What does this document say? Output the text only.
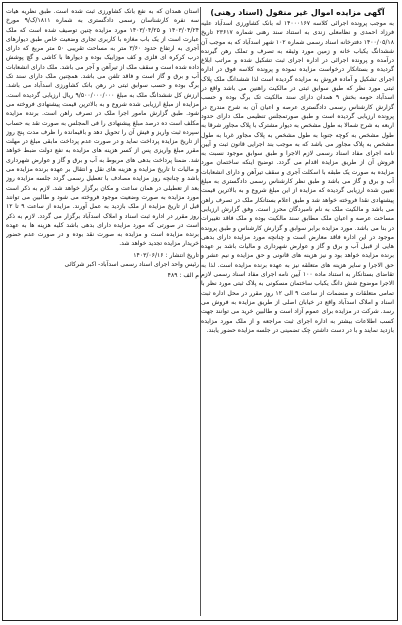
آگهی مزایده اموال غیر منقول (اسناد رهنی)

به موجب پرونده اجرائی کلاسه ۱۴۰۰۰۱۶۷ له بانک کشاورزی اسدآباد علیه فرزاد احمدی و نظامعلی زندی به استناد سند رهنی شماره ۲۳۶۱۷ تاریخ ۱۴۰۰/۰۵/۱۸ دفترخانه اسناد رسمی شماره ۱۰۲ شهر اسدآباد که به موجب آن ششدانگ یکباب خانه و زمین مورد وثیقه به تصرف و تملک رهن گیرنده درآمده و پرونده اجرائی در اداره اجرای ثبت تشکیل شده و مراتب ابلاغ گردیده و بستانکار درخواست مزایده نموده و پرونده کلاسه فوق در اداره اجرای تشکیل و آماده فروش به مزایده گردیده است لذا ششدانگ ملک پلاک ثبتی مورد نظر که طبق سوابق ثبتی در مالکیت راهنین می باشد واقع در اسدآباد حومه بخش ۹ همدان دارای سند مالکیت تک برگ بوده و حسب گزارش کارشناس رسمی دادگستری عرصه و اعیان آن به شرح مندرج در پرونده ارزیابی گردیده است و طبق صورتمجلس تنظیمی ملک دارای حدود اربعه به شرح شمالا به طول مشخص به دیوار مشترک با پلاک مجاور شرقا به طول مشخص به کوچه جنوبا به طول مشخص به پلاک مجاور غربا به طول مشخص به پلاک مجاور می باشد که به موجب بند اجرایی قانون ثبت و آیین نامه اجرای مفاد اسناد رسمی لازم الاجرا و طبق سوابق موجود نسبت به فروش آن از طریق مزایده اقدام می گردد. توضیح اینکه ساختمان مورد مزایده به صورت یک طبقه با اسکلت آجری و سقف تیرآهن و دارای انشعابات آب و برق و گاز می باشد و طبق نظر کارشناس رسمی دادگستری به مبلغ تعیین شده ارزیابی گردیده که مزایده از این مبلغ شروع و به بالاترین قیمت پیشنهادی نقدا فروخته خواهد شد و طبق اعلام بستانکار ملک در تصرف راهن می باشد و مالکیت ملک به نام نامبردگان محرز است. وفق گزارش ارزیابی مساحت عرصه و اعیان ملک مطابق سند مالکیت بوده و ملک فاقد تغییرات در بنا می باشد. مورد مزایده برابر سوابق و گزارش کارشناس و طبق پرونده موجود در این اداره فاقد معارض است و چنانچه مورد مزایده دارای بدهی هایی از قبیل آب و برق و گاز و عوارض شهرداری و مالیات باشد بر عهده برنده مزایده خواهد بود و نیز هزینه های قانونی و حق مزایده و نیم عشر و حق الاجرا و سایر هزینه های متعلقه نیز به عهده برنده مزایده است. لذا به تقاضای بستانکار به استناد ماده ۱۰۰ آیین نامه اجرای مفاد اسناد رسمی لازم الاجرا موضوع شش دانگ یکباب ساختمان مسکونی به پلاک ثبتی مورد نظر با تمامی متعلقات و منضمات از ساعت ۹ الی ۱۲ روز مقرر در محل اداره ثبت اسناد و املاک اسدآباد واقع در خیابان اصلی از طریق مزایده به فروش می رسد. شرکت در مزایده برای عموم آزاد است و طالبین خرید می توانند جهت کسب اطلاعات بیشتر به اداره اجرای ثبت مراجعه و از ملک مورد مزایده بازدید نمایند و با در دست داشتن چک تضمینی در جلسه مزایده حضور یابند.

استان همدان که به نفع بانک کشاورزی ثبت شده است. طبق نظریه هیات سه نفره کارشناسان رسمی دادگستری به شماره ۱۸۱۱/ک/۹ مورخ ۱۴۰۳/۰۴/۲۴ و ۱۴۰۳/۰۴/۲۵ مورد مزایده چنین توصیف شده است که ملک عبارت است از یک باب مغازه با کاربری تجاری وضعیت خاص طبق دیوارهای آجری به ارتفاع حدود ۳/۶۰ متر به مساحت تقریبی ۵۰ متر مربع که دارای درب کرکره ای فلزی و کف موزاییک بوده و دیوارها با کاشی و گچ پوشش داده شده است و سقف ملک از تیرآهن و آجر می باشد. ملک دارای انشعابات آب و برق و گاز است و فاقد تلفن می باشد. همچنین ملک دارای سند تک برگ بوده و حسب سوابق ثبتی در رهن بانک کشاورزی اسدآباد می باشد. ارزش کل ششدانگ ملک به مبلغ ۹/۵۰۰/۰۰۰/۰۰۰ ریال ارزیابی گردیده است. مزایده از مبلغ ارزیابی شده شروع و به بالاترین قیمت پیشنهادی فروخته می شود. طبق گزارش مامور اجرا ملک در تصرف راهن است. برنده مزایده مکلف است ده درصد مبلغ پیشنهادی را فی المجلس به صورت نقد به حساب سپرده ثبت واریز و فیش آن را تحویل دهد و باقیمانده را ظرف مدت پنج روز از تاریخ مزایده پرداخت نماید و در صورت عدم پرداخت مابقی مبلغ در مهلت مقرر مبلغ واریزی پس از کسر هزینه های مزایده به نفع دولت ضبط خواهد شد. ضمنا پرداخت بدهی های مربوط به آب و برق و گاز و عوارض شهرداری و مالیات تا تاریخ مزایده و هزینه های نقل و انتقال بر عهده برنده مزایده می باشد و چنانچه روز مزایده مصادف با تعطیل رسمی گردد جلسه مزایده روز بعد از تعطیلی در همان ساعت و مکان برگزار خواهد شد. لازم به ذکر است مورد مزایده به صورت وضعیت موجود فروخته می شود و طالبین می توانند قبل از تاریخ مزایده از ملک بازدید به عمل آورند. مزایده از ساعت ۹ تا ۱۲ روز مقرر در اداره ثبت اسناد و املاک اسدآباد برگزار می گردد. لازم به ذکر است در صورتی که مورد مزایده دارای بدهی باشد کلیه هزینه ها به عهده برنده مزایده است و مزایده به صورت نقد بوده و در صورت عدم حضور خریدار مزایده تجدید خواهد شد.

تاریخ انتشار : ۱۴۰۳/۰۶/۱۶
رئیس واحد اجرای اسناد رسمی اسدآباد- اکبر شرکائی
م الف : ۴۸۹
